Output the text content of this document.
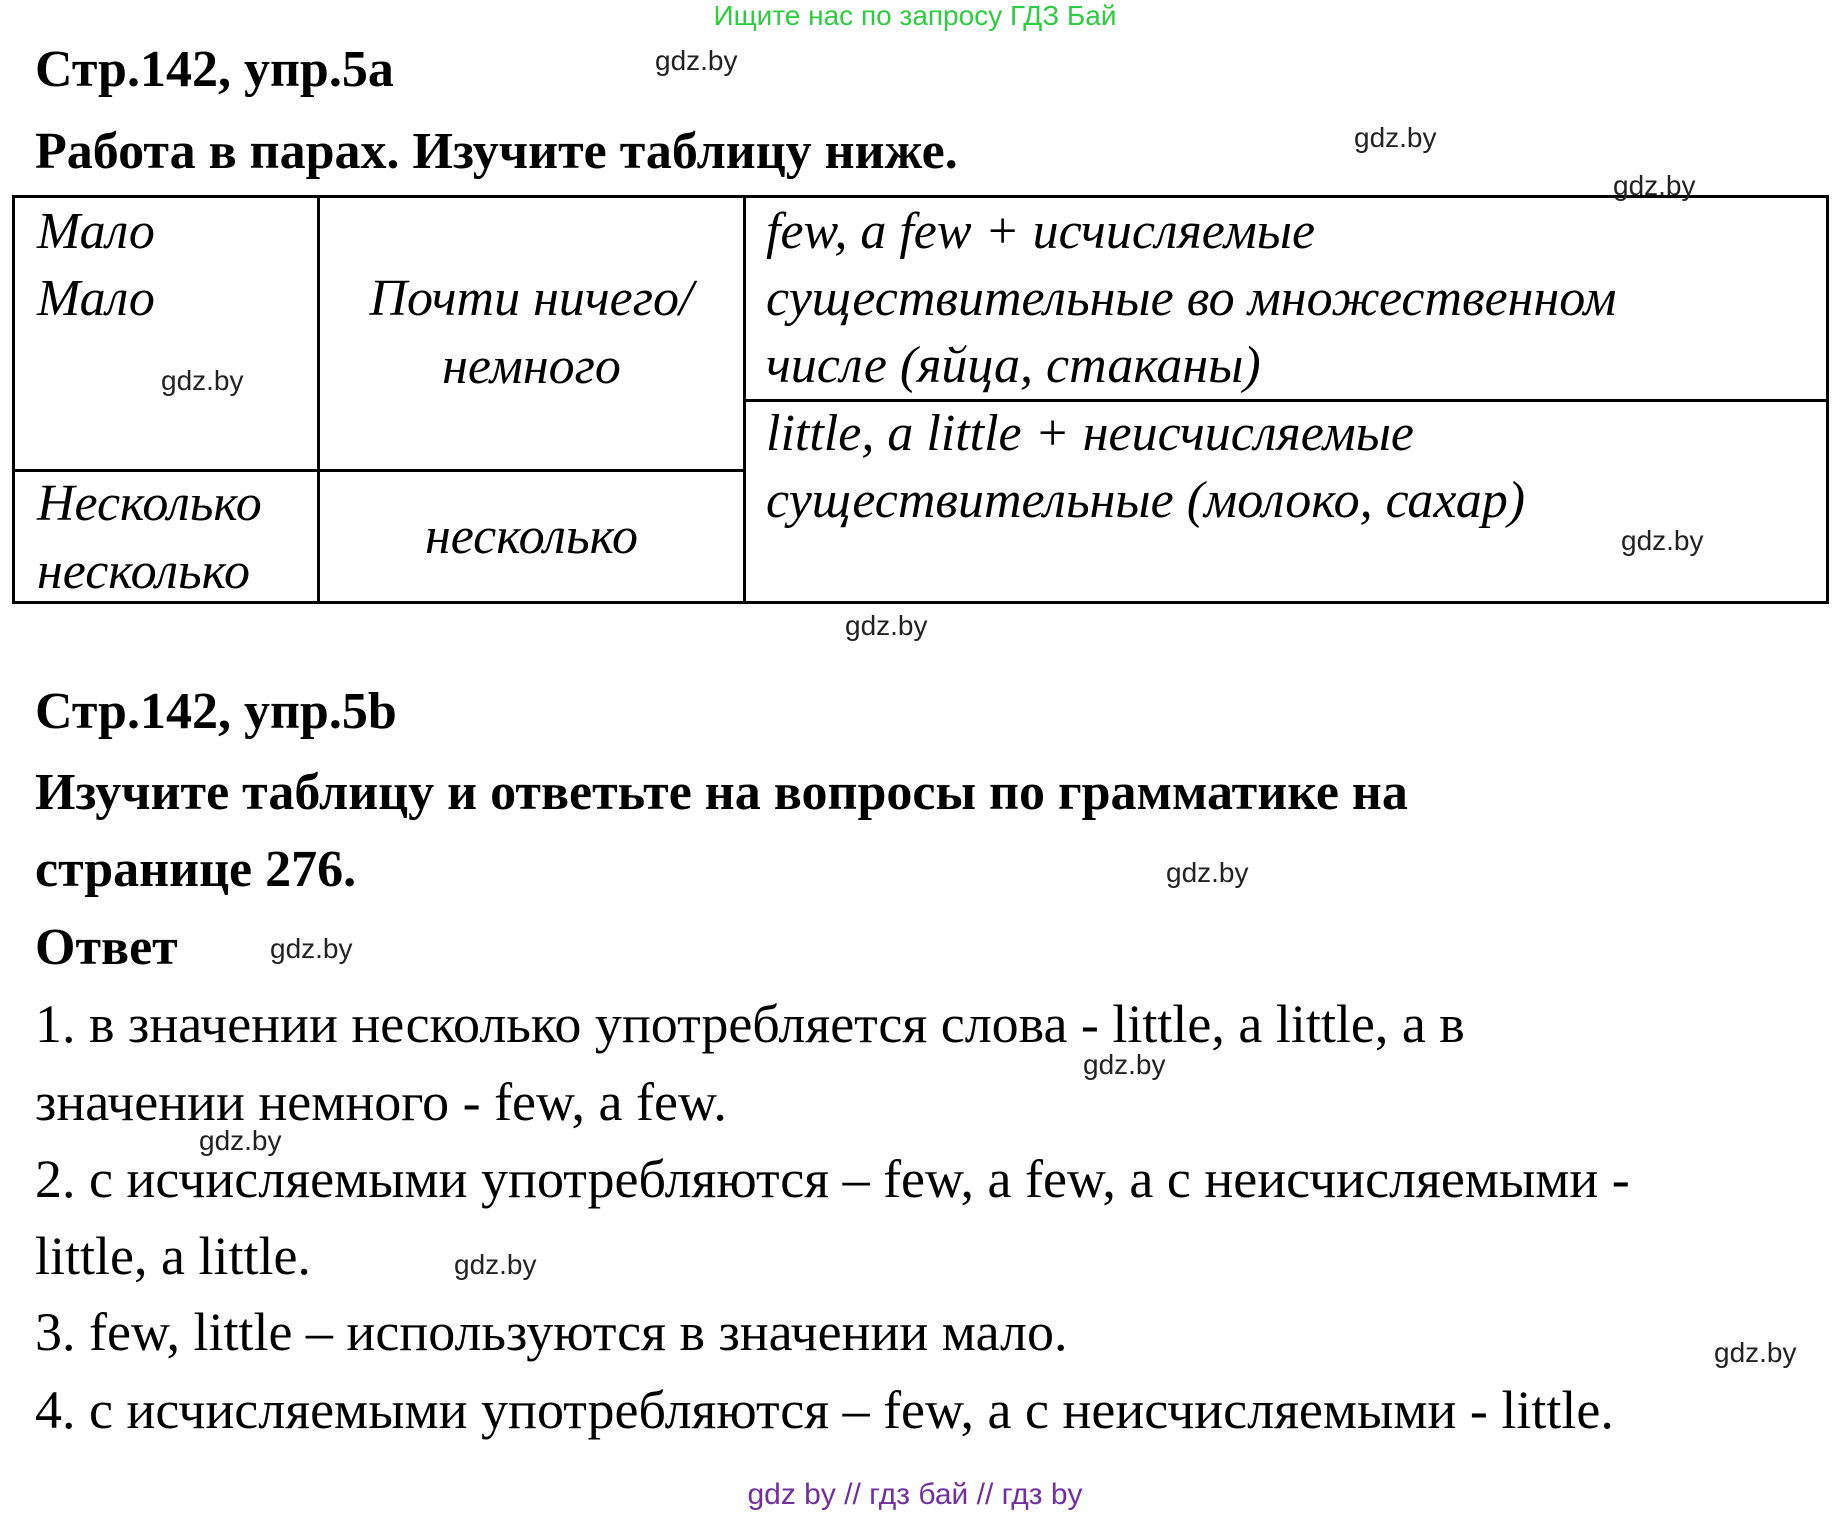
Ищите нас по запросу ГДЗ Бай
Стр.142, упр.5а
Работа в парах. Изучите таблицу ниже.
Мало
Мало	Почти ничего/
немного
Несколько
несколько
несколько
few, a few + исчисляемые
существительные во множественном
числе (яйца, стаканы)
little, a little + неисчисляемые
существительные (молоко, сахар)
Стр.142, упр.5b
Изучите таблицу и ответьте на вопросы по грамматике на
странице 276.
Ответ
1. в значении несколько употребляется слова - little, a little, а в
значении немного - few, a few.
2. с исчисляемыми употребляются – few, a few, а с неисчисляемыми -
little, a little.
3. few, little – используются в значении мало.
4. с исчисляемыми употребляются – few, а с неисчисляемыми - little.
gdz.by
gdz.by
gdz.by
gdz.by
gdz.by
gdz.by
gdz.by
gdz.by
gdz.by
gdz.by
gdz.by
gdz.by
gdz by // гдз бай // гдз by
